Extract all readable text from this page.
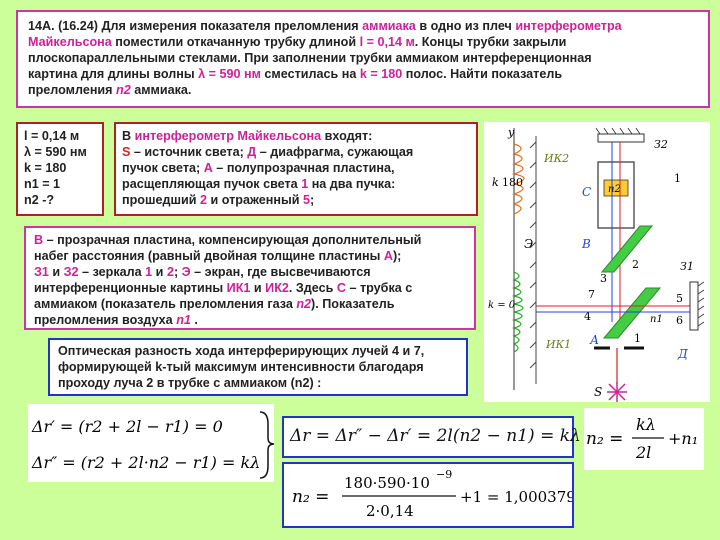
14А. (16.24) Для измерения показателя преломления аммиака в одно из плеч интерферометра
Майкельсона поместили откачанную трубку длиной l = 0,14 м. Концы трубки закрыли
плоскопараллельными стеклами. При заполнении трубки аммиаком интерференционная
картина для длины волны λ = 590 нм сместилась на k = 180 полос. Найти показатель
преломления n2 аммиака.
l = 0,14 м
λ = 590 нм
k = 180
n1 = 1
n2 -?
В интерферометр Майкельсона входят:
S – источник света; Д – диафрагма, сужающая
пучок света; А – полупрозрачная пластина,
расщепляющая пучок света 1 на два пучка:
прошедший 2 и отраженный 5;
В – прозрачная пластина, компенсирующая дополнительный
набег расстояния (равный двойная толщине пластины А);
З1 и З2 – зеркала 1 и 2; Э – экран, где высвечиваются
интерференционные картины ИК1 и ИК2. Здесь С – трубка с
аммиаком (показатель преломления газа n2). Показатель
преломления воздуха n1 .
Оптическая разность хода интерферирующих лучей 4 и 7,
формирующей k-тый максимум интенсивности благодаря
проходу луча 2 в трубке с аммиаком (n2) :
Δr′ = (r2 + 2l − r1) = 0
Δr″ = (r2 + 2l·n2 − r1) = kλ
Δr = Δr″ − Δr′ = 2l(n2 − n1) = kλ
n₂ =
180·590·10 −9
2·0,14
+1 = 1,000379
n₂ =
kλ
2l
+n₁
y
ИК2
k 180
Э
k = 0
ИК1
З2
n2
C
1
В
2
3
7
4	n1
А
З1
5
6
Д
1
S
